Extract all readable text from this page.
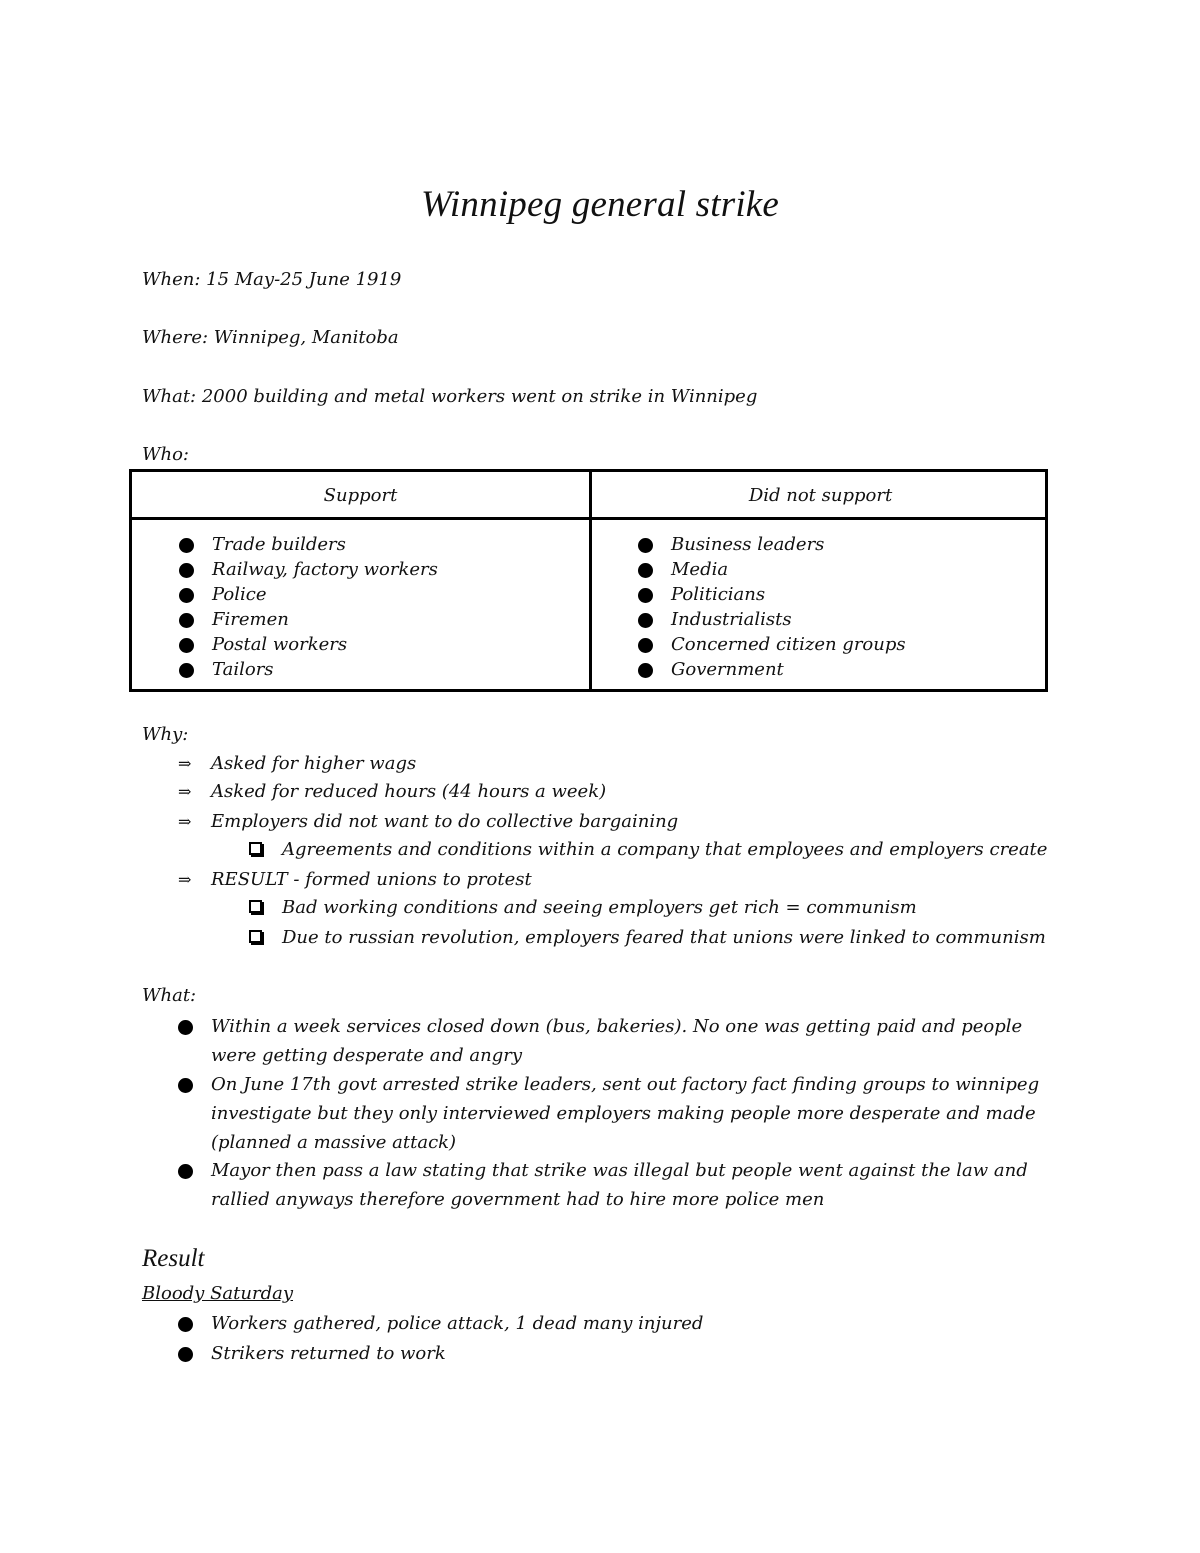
Winnipeg general strike
When: 15 May-25 June 1919
Where: Winnipeg, Manitoba
What: 2000 building and metal workers went on strike in Winnipeg
Who:
Support	Did not support
Trade builders
Railway, factory workers
Police
Firemen
Postal workers
Tailors
Business leaders
Media
Politicians
Industrialists
Concerned citizen groups
Government
Why:
⇒ Asked for higher wags
⇒ Asked for reduced hours (44 hours a week)
⇒ Employers did not want to do collective bargaining
Agreements and conditions within a company that employees and employers create
⇒ RESULT - formed unions to protest
Bad working conditions and seeing employers get rich = communism
Due to russian revolution, employers feared that unions were linked to communism
What:
Within a week services closed down (bus, bakeries). No one was getting paid and people were getting desperate and angry
On June 17th govt arrested strike leaders, sent out factory fact finding groups to winnipeg investigate but they only interviewed employers making people more desperate and made (planned a massive attack)
Mayor then pass a law stating that strike was illegal but people went against the law and rallied anyways therefore government had to hire more police men
Result
Bloody Saturday
Workers gathered, police attack, 1 dead many injured
Strikers returned to work
